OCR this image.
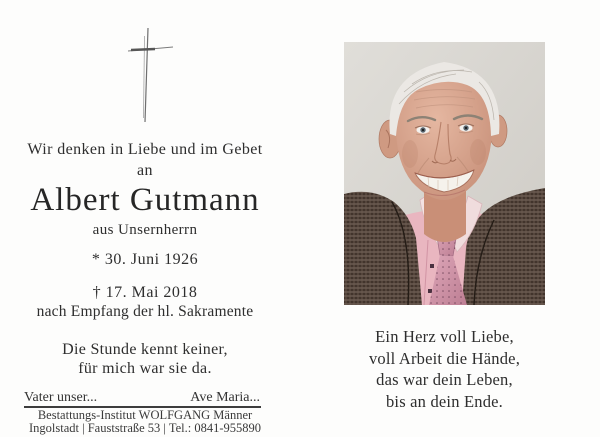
Wir denken in Liebe und im Gebet
an
Albert Gutmann
aus Unsernherrn
* 30. Juni 1926
† 17. Mai 2018
nach Empfang der hl. Sakramente
Die Stunde kennt keiner,
für mich war sie da.
Vater unser...	Ave Maria...
Bestattungs-Institut WOLFGANG Männer
Ingolstadt | Fauststraße 53 | Tel.: 0841-955890
Ein Herz voll Liebe,
voll Arbeit die Hände,
das war dein Leben,
bis an dein Ende.
